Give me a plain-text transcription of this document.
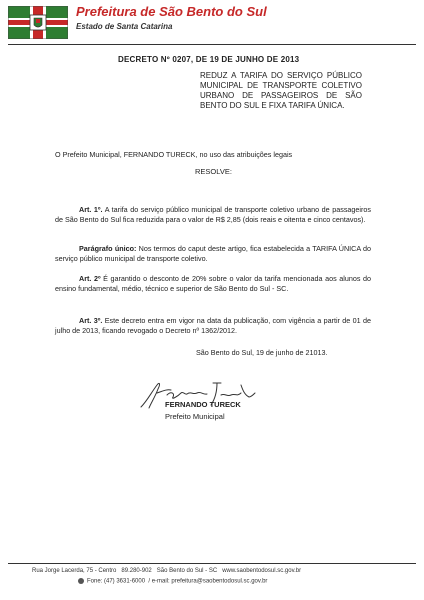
Prefeitura de São Bento do Sul
Estado de Santa Catarina
DECRETO Nº 0207, DE 19 DE JUNHO DE 2013
REDUZ A TARIFA DO SERVIÇO PÚBLICO MUNICIPAL DE TRANSPORTE COLETIVO URBANO DE PASSAGEIROS DE SÃO BENTO DO SUL E FIXA TARIFA ÚNICA.
O Prefeito Municipal, FERNANDO TURECK, no uso das atribuições legais
RESOLVE:
Art. 1º. A tarifa do serviço público municipal de transporte coletivo urbano de passageiros de São Bento do Sul fica reduzida para o valor de R$ 2,85 (dois reais e oitenta e cinco centavos).
Parágrafo único: Nos termos do caput deste artigo, fica estabelecida a TARIFA ÚNICA do serviço público municipal de transporte coletivo.
Art. 2º É garantido o desconto de 20% sobre o valor da tarifa mencionada aos alunos do ensino fundamental, médio, técnico e superior de São Bento do Sul - SC.
Art. 3º. Este decreto entra em vigor na data da publicação, com vigência a partir de 01 de julho de 2013, ficando revogado o Decreto nº 1362/2012.
São Bento do Sul, 19 de junho de 21013.
FERNANDO TURECK
Prefeito Municipal
Rua Jorge Lacerda, 75 - Centro 89.280-902 São Bento do Sul - SC www.saobentodosul.sc.gov.br
Fone: (47) 3631-6000 / e-mail: prefeitura@saobentodosul.sc.gov.br
